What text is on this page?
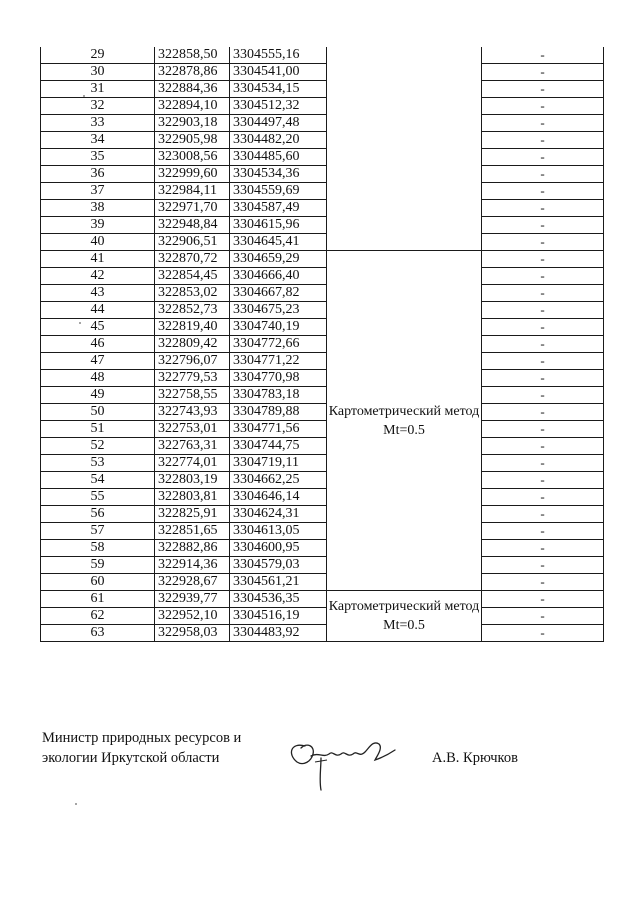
29	322858,50	3304555,16		-
30	322878,86	3304541,00		-
31	322884,36	3304534,15		-
32	322894,10	3304512,32		-
33	322903,18	3304497,48		-
34	322905,98	3304482,20		-
35	323008,56	3304485,60		-
36	322999,60	3304534,36		-
37	322984,11	3304559,69		-
38	322971,70	3304587,49		-
39	322948,84	3304615,96		-
40	322906,51	3304645,41		-
41	322870,72	3304659,29	Картометрический метод Mt=0.5	-
42	322854,45	3304666,40		-
43	322853,02	3304667,82		-
44	322852,73	3304675,23		-
45	322819,40	3304740,19		-
46	322809,42	3304772,66		-
47	322796,07	3304771,22		-
48	322779,53	3304770,98		-
49	322758,55	3304783,18		-
50	322743,93	3304789,88		-
51	322753,01	3304771,56		-
52	322763,31	3304744,75		-
53	322774,01	3304719,11		-
54	322803,19	3304662,25		-
55	322803,81	3304646,14		-
56	322825,91	3304624,31		-
57	322851,65	3304613,05		-
58	322882,86	3304600,95		-
59	322914,36	3304579,03		-
60	322928,67	3304561,21		-
61	322939,77	3304536,35	Картометрический метод Mt=0.5	-
62	322952,10	3304516,19		-
63	322958,03	3304483,92		-
Министр природных ресурсов и
экологии Иркутской области	А.В. Крючков
